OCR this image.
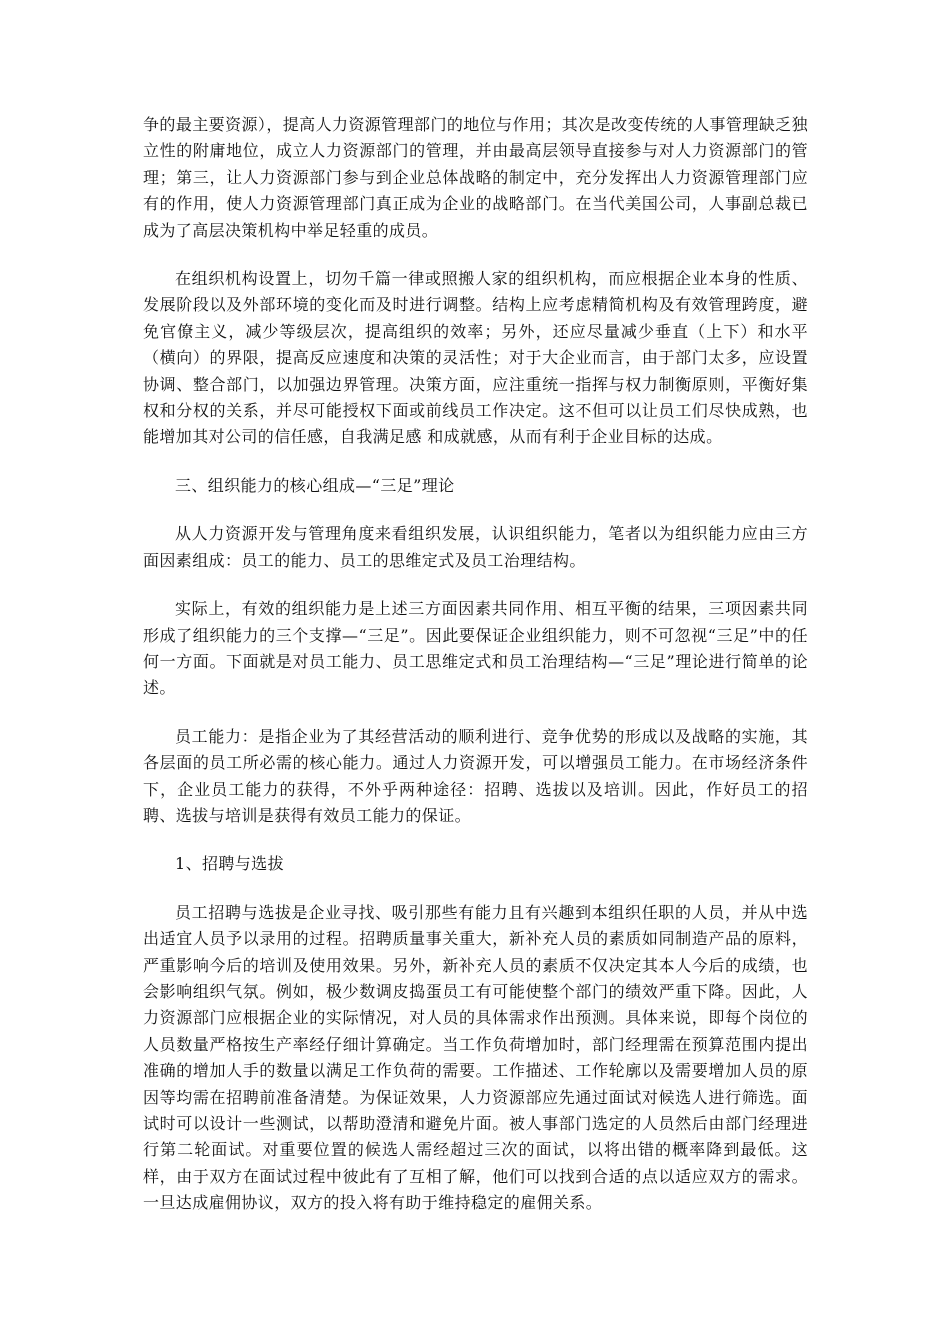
争的最主要资源），提高人力资源管理部门的地位与作用；其次是改变传统的人事管理缺乏独立性的附庸地位，成立人力资源部门的管理，并由最高层领导直接参与对人力资源部门的管理；第三，让人力资源部门参与到企业总体战略的制定中，充分发挥出人力资源管理部门应有的作用，使人力资源管理部门真正成为企业的战略部门。在当代美国公司，人事副总裁已成为了高层决策机构中举足轻重的成员。

在组织机构设置上，切勿千篇一律或照搬人家的组织机构，而应根据企业本身的性质、发展阶段以及外部环境的变化而及时进行调整。结构上应考虑精简机构及有效管理跨度，避免官僚主义，减少等级层次，提高组织的效率；另外，还应尽量减少垂直（上下）和水平（横向）的界限，提高反应速度和决策的灵活性；对于大企业而言，由于部门太多，应设置协调、整合部门，以加强边界管理。决策方面，应注重统一指挥与权力制衡原则，平衡好集权和分权的关系，并尽可能授权下面或前线员工作决定。这不但可以让员工们尽快成熟，也能增加其对公司的信任感，自我满足感 和成就感，从而有利于企业目标的达成。

三、组织能力的核心组成—“三足”理论

从人力资源开发与管理角度来看组织发展，认识组织能力，笔者以为组织能力应由三方面因素组成：员工的能力、员工的思维定式及员工治理结构。

实际上，有效的组织能力是上述三方面因素共同作用、相互平衡的结果，三项因素共同形成了组织能力的三个支撑—“三足”。因此要保证企业组织能力，则不可忽视“三足”中的任何一方面。下面就是对员工能力、员工思维定式和员工治理结构—“三足”理论进行简单的论述。

员工能力：是指企业为了其经营活动的顺利进行、竞争优势的形成以及战略的实施，其各层面的员工所必需的核心能力。通过人力资源开发，可以增强员工能力。在市场经济条件下，企业员工能力的获得，不外乎两种途径：招聘、选拔以及培训。因此，作好员工的招聘、选拔与培训是获得有效员工能力的保证。

1、招聘与选拔

员工招聘与选拔是企业寻找、吸引那些有能力且有兴趣到本组织任职的人员，并从中选出适宜人员予以录用的过程。招聘质量事关重大，新补充人员的素质如同制造产品的原料，严重影响今后的培训及使用效果。另外，新补充人员的素质不仅决定其本人今后的成绩，也会影响组织气氛。例如，极少数调皮捣蛋员工有可能使整个部门的绩效严重下降。因此，人力资源部门应根据企业的实际情况，对人员的具体需求作出预测。具体来说，即每个岗位的人员数量严格按生产率经仔细计算确定。当工作负荷增加时，部门经理需在预算范围内提出准确的增加人手的数量以满足工作负荷的需要。工作描述、工作轮廓以及需要增加人员的原因等均需在招聘前准备清楚。为保证效果，人力资源部应先通过面试对候选人进行筛选。面试时可以设计一些测试，以帮助澄清和避免片面。被人事部门选定的人员然后由部门经理进行第二轮面试。对重要位置的候选人需经超过三次的面试，以将出错的概率降到最低。这样，由于双方在面试过程中彼此有了互相了解，他们可以找到合适的点以适应双方的需求。一旦达成雇佣协议，双方的投入将有助于维持稳定的雇佣关系。
